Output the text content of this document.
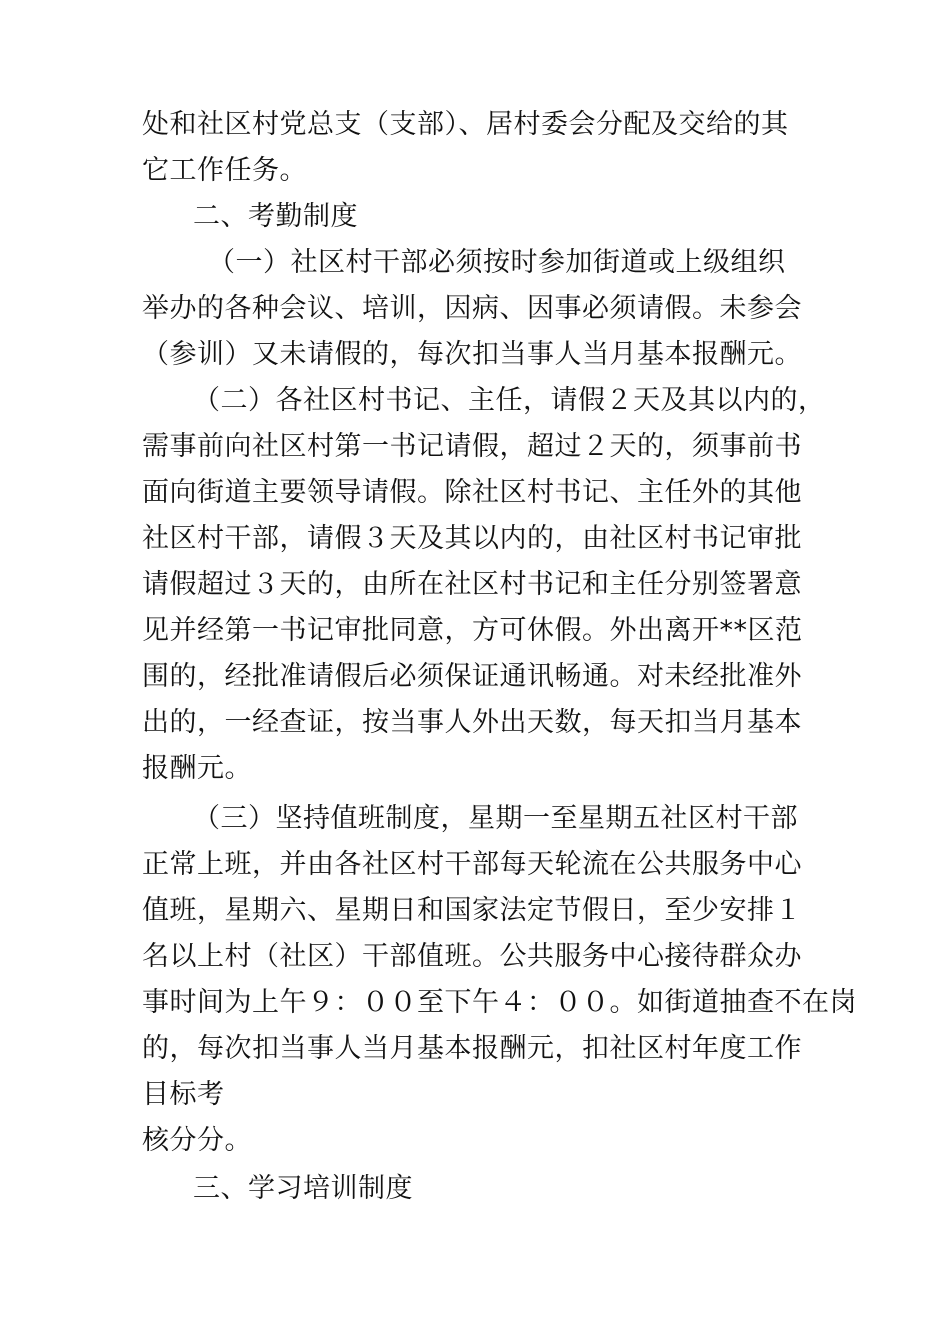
处和社区村党总支（支部）、居村委会分配及交给的其
它工作任务。
二、考勤制度
（一）社区村干部必须按时参加街道或上级组织
举办的各种会议、培训，因病、因事必须请假。未参会
（参训）又未请假的，每次扣当事人当月基本报酬元。
（二）各社区村书记、主任，请假２天及其以内的，
需事前向社区村第一书记请假，超过２天的，须事前书
面向街道主要领导请假。除社区村书记、主任外的其他
社区村干部，请假３天及其以内的，由社区村书记审批
请假超过３天的，由所在社区村书记和主任分别签署意
见并经第一书记审批同意，方可休假。外出离开**区范
围的，经批准请假后必须保证通讯畅通。对未经批准外
出的，一经查证，按当事人外出天数，每天扣当月基本
报酬元。
（三）坚持值班制度，星期一至星期五社区村干部
正常上班，并由各社区村干部每天轮流在公共服务中心
值班，星期六、星期日和国家法定节假日，至少安排１
名以上村（社区）干部值班。公共服务中心接待群众办
事时间为上午９：００至下午４：００。如街道抽查不在岗
的，每次扣当事人当月基本报酬元，扣社区村年度工作
目标考
核分分。
三、学习培训制度
